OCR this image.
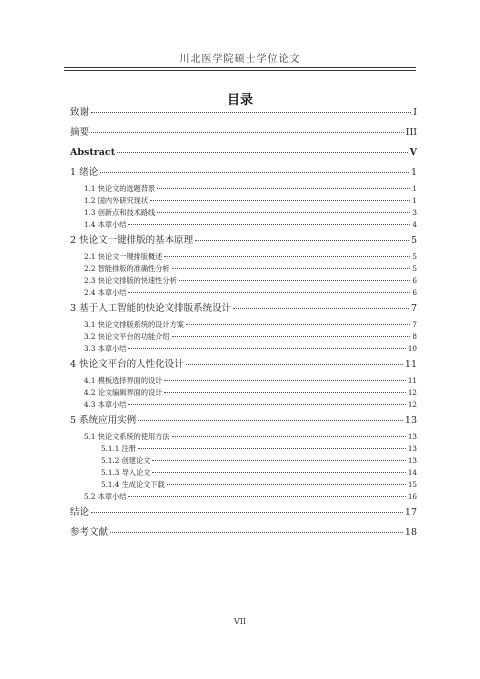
川北医学院硕士学位论文
目录
致谢	I
摘要	III
Abstract	V
1 绪论	1
1.1 快论文的选题背景	1
1.2 国内外研究现状	1
1.3 创新点和技术路线	3
1.4 本章小结	4
2 快论文一键排版的基本原理	5
2.1 快论文一键排版概述	5
2.2 智能排版的准确性分析	5
2.3 快论文排版的快速性分析	6
2.4 本章小结	6
3 基于人工智能的快论文排版系统设计	7
3.1 快论文排版系统的设计方案	7
3.2 快论文平台的功能介绍	8
3.3 本章小结	10
4 快论文平台的人性化设计	11
4.1 模板选择界面的设计	11
4.2 论文编辑界面的设计	12
4.3 本章小结	12
5 系统应用实例	13
5.1 快论文系统的使用方法	13
5.1.1 注册	13
5.1.2 创建论文	13
5.1.3 导入论文	14
5.1.4 生成论文下载	15
5.2 本章小结	16
结论	17
参考文献	18
VII
